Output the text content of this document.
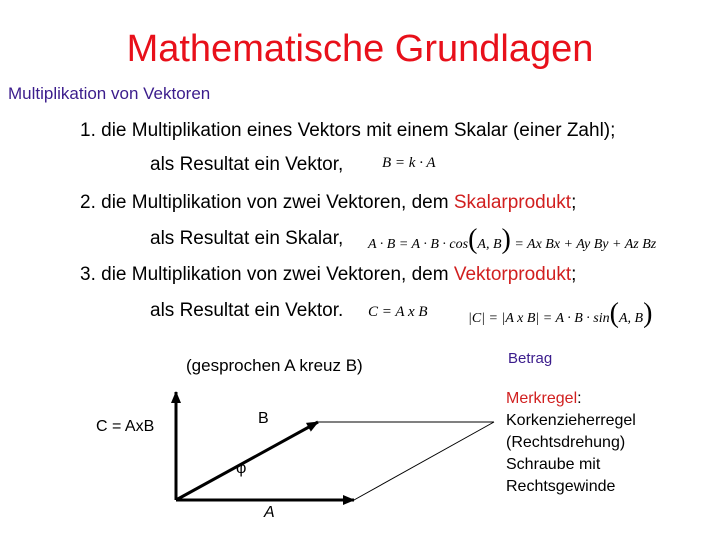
Mathematische Grundlagen
Multiplikation von Vektoren
1. die Multiplikation eines Vektors mit einem Skalar (einer Zahl);
als Resultat ein Vektor,	B = k · A
2. die Multiplikation von zwei Vektoren, dem Skalarprodukt;
als Resultat ein Skalar, A · B = A · B · cos(A, B) = Ax Bx + Ay By + Az Bz
3. die Multiplikation von zwei Vektoren, dem Vektorprodukt;
als Resultat ein Vektor. C = A x B	|C| = |A x B| = A · B · sin(A, B)
(gesprochen A kreuz B)	Betrag
Merkregel:
Korkenzieherregel
(Rechtsdrehung)
Schraube mit
Rechtsgewinde
C = AxB	B
φ
A
